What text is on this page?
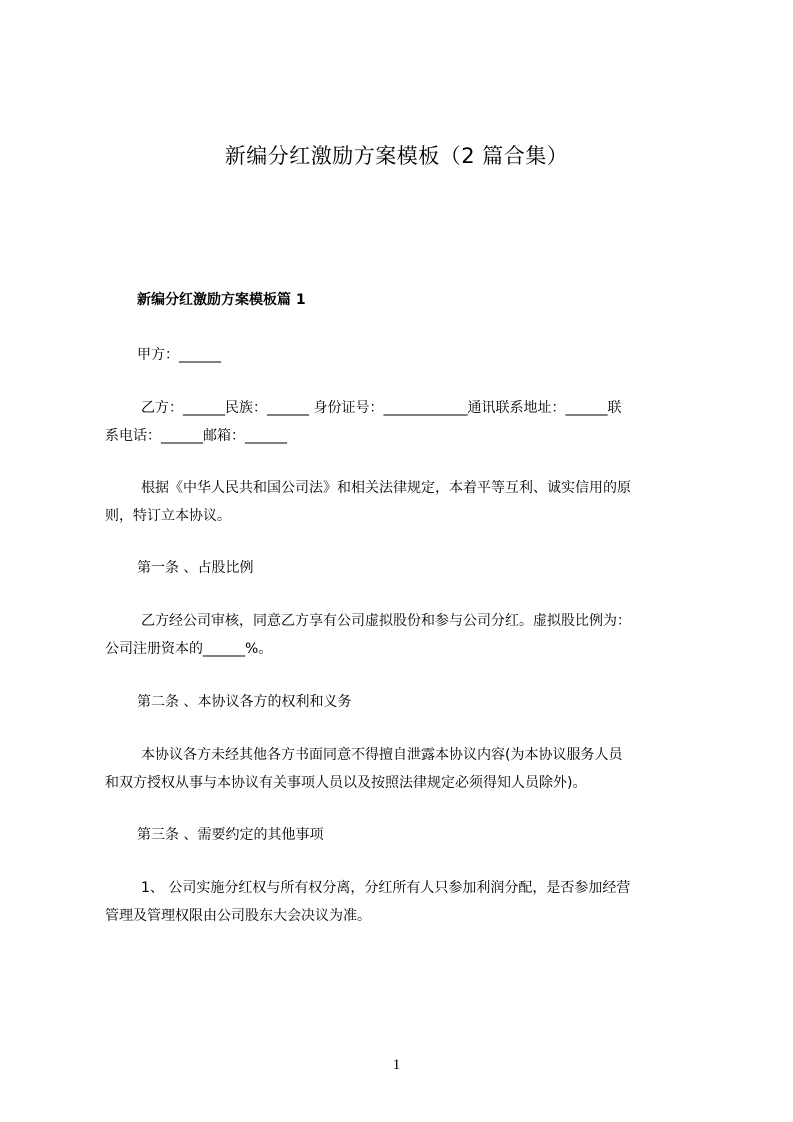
新编分红激励方案模板（2 篇合集）
新编分红激励方案模板篇 1
甲方：______
乙方：______民族：______ 身份证号：____________通讯联系地址：______联
系电话：______邮箱：______
根据《中华人民共和国公司法》和相关法律规定，本着平等互利、诚实信用的原
则，特订立本协议。
第一条 、占股比例
乙方经公司审核，同意乙方享有公司虚拟股份和参与公司分红。虚拟股比例为：
公司注册资本的______%。
第二条 、本协议各方的权利和义务
本协议各方未经其他各方书面同意不得擅自泄露本协议内容(为本协议服务人员
和双方授权从事与本协议有关事项人员以及按照法律规定必须得知人员除外)。
第三条 、需要约定的其他事项
1、 公司实施分红权与所有权分离，分红所有人只参加利润分配，是否参加经营
管理及管理权限由公司股东大会决议为准。
1
